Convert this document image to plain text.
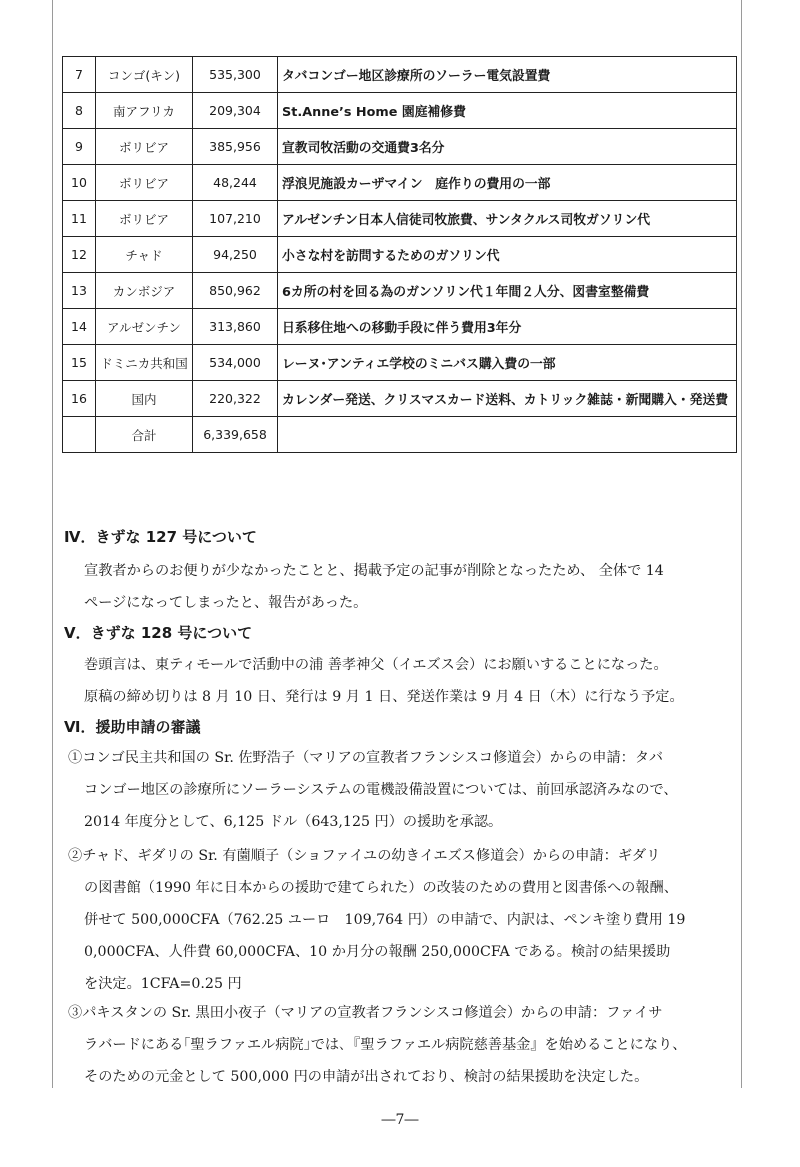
7	コンゴ(キン)	535,300	タバコンゴー地区診療所のソーラー電気設置費
8	南アフリカ	209,304	St.Anne’s Home 園庭補修費
9	ボリビア	385,956	宣教司牧活動の交通費3名分
10	ボリビア	48,244	浮浪児施設カーザマイン　庭作りの費用の一部
11	ボリビア	107,210	アルゼンチン日本人信徒司牧旅費、サンタクルス司牧ガソリン代
12	チャド	94,250	小さな村を訪問するためのガソリン代
13	カンボジア	850,962	6カ所の村を回る為のガンソリン代１年間２人分、図書室整備費
14	アルゼンチン	313,860	日系移住地への移動手段に伴う費用3年分
15	ドミニカ共和国	534,000	レーヌ･アンティエ学校のミニバス購入費の一部
16	国内	220,322	カレンダー発送、クリスマスカード送料、カトリック雑誌・新聞購入・発送費
	合計	6,339,658	
Ⅳ．きずな 127 号について
宣教者からのお便りが少なかったことと、掲載予定の記事が削除となったため、 全体で 14
ページになってしまったと、報告があった。
Ⅴ．きずな 128 号について
巻頭言は、東ティモールで活動中の浦 善孝神父（イエズス会）にお願いすることになった。
原稿の締め切りは 8 月 10 日、発行は 9 月 1 日、発送作業は 9 月 4 日（木）に行なう予定。
Ⅵ．援助申請の審議
①コンゴ民主共和国の Sr. 佐野浩子（マリアの宣教者フランシスコ修道会）からの申請：タバ
コンゴー地区の診療所にソーラーシステムの電機設備設置については、前回承認済みなので、
2014 年度分として、6,125 ドル（643,125 円）の援助を承認。
②チャド、ギダリの Sr. 有薗順子（ショファイユの幼きイエズス修道会）からの申請：ギダリ
の図書館（1990 年に日本からの援助で建てられた）の改装のための費用と図書係への報酬、
併せて 500,000CFA（762.25 ユーロ　109,764 円）の申請で、内訳は、ペンキ塗り費用 19
0,000CFA、人件費 60,000CFA、10 か月分の報酬 250,000CFA である。検討の結果援助
を決定。1CFA=0.25 円
③パキスタンの Sr. 黒田小夜子（マリアの宣教者フランシスコ修道会）からの申請：ファイサ
ラバードにある｢聖ラファエル病院｣では､『聖ラファエル病院慈善基金』を始めることになり、
そのための元金として 500,000 円の申請が出されており、検討の結果援助を決定した。
―7―
